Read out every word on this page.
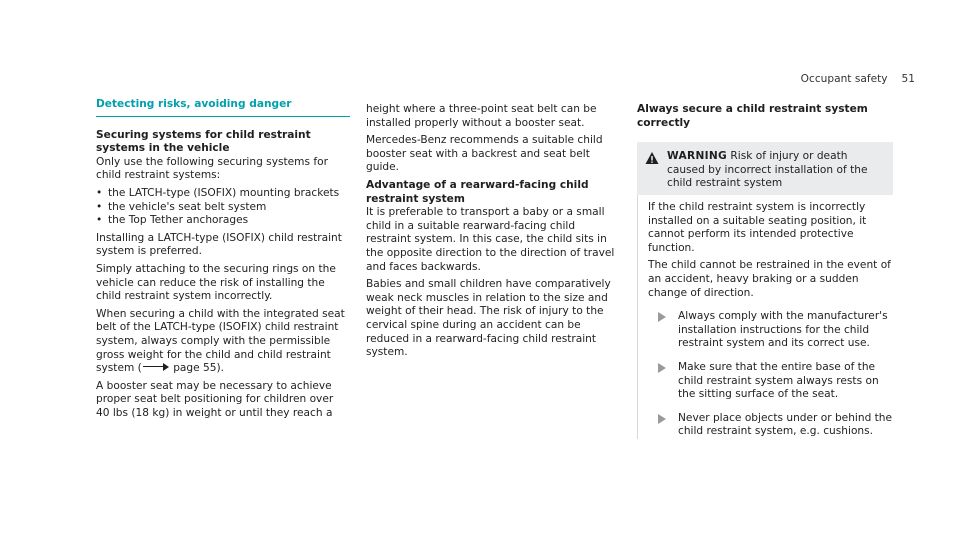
Occupant safety 51
Detecting risks, avoiding danger
Securing systems for child restraint systems in the vehicle

Only use the following securing systems for child restraint systems:

• the LATCH-type (ISOFIX) mounting brackets
• the vehicle's seat belt system
• the Top Tether anchorages

Installing a LATCH-type (ISOFIX) child restraint system is preferred.

Simply attaching to the securing rings on the vehicle can reduce the risk of installing the child restraint system incorrectly.

When securing a child with the integrated seat belt of the LATCH-type (ISOFIX) child restraint system, always comply with the permissible gross weight for the child and child restraint system (	page 55).

A booster seat may be necessary to achieve proper seat belt positioning for children over 40 lbs (18 kg) in weight or until they reach a

height where a three-point seat belt can be installed properly without a booster seat.

Mercedes-Benz recommends a suitable child booster seat with a backrest and seat belt guide.

Advantage of a rearward-facing child restraint system

It is preferable to transport a baby or a small child in a suitable rearward-facing child restraint system. In this case, the child sits in the opposite direction to the direction of travel and faces backwards.

Babies and small children have comparatively weak neck muscles in relation to the size and weight of their head. The risk of injury to the cervical spine during an accident can be reduced in a rearward-facing child restraint system.

Always secure a child restraint system correctly
WARNING Risk of injury or death caused by incorrect installation of the child restraint system

If the child restraint system is incorrectly installed on a suitable seating position, it cannot perform its intended protective function.

The child cannot be restrained in the event of an accident, heavy braking or a sudden change of direction.

Always comply with the manufacturer's installation instructions for the child restraint system and its correct use.
Make sure that the entire base of the child restraint system always rests on the sitting surface of the seat.
Never place objects under or behind the child restraint system, e.g. cushions.
